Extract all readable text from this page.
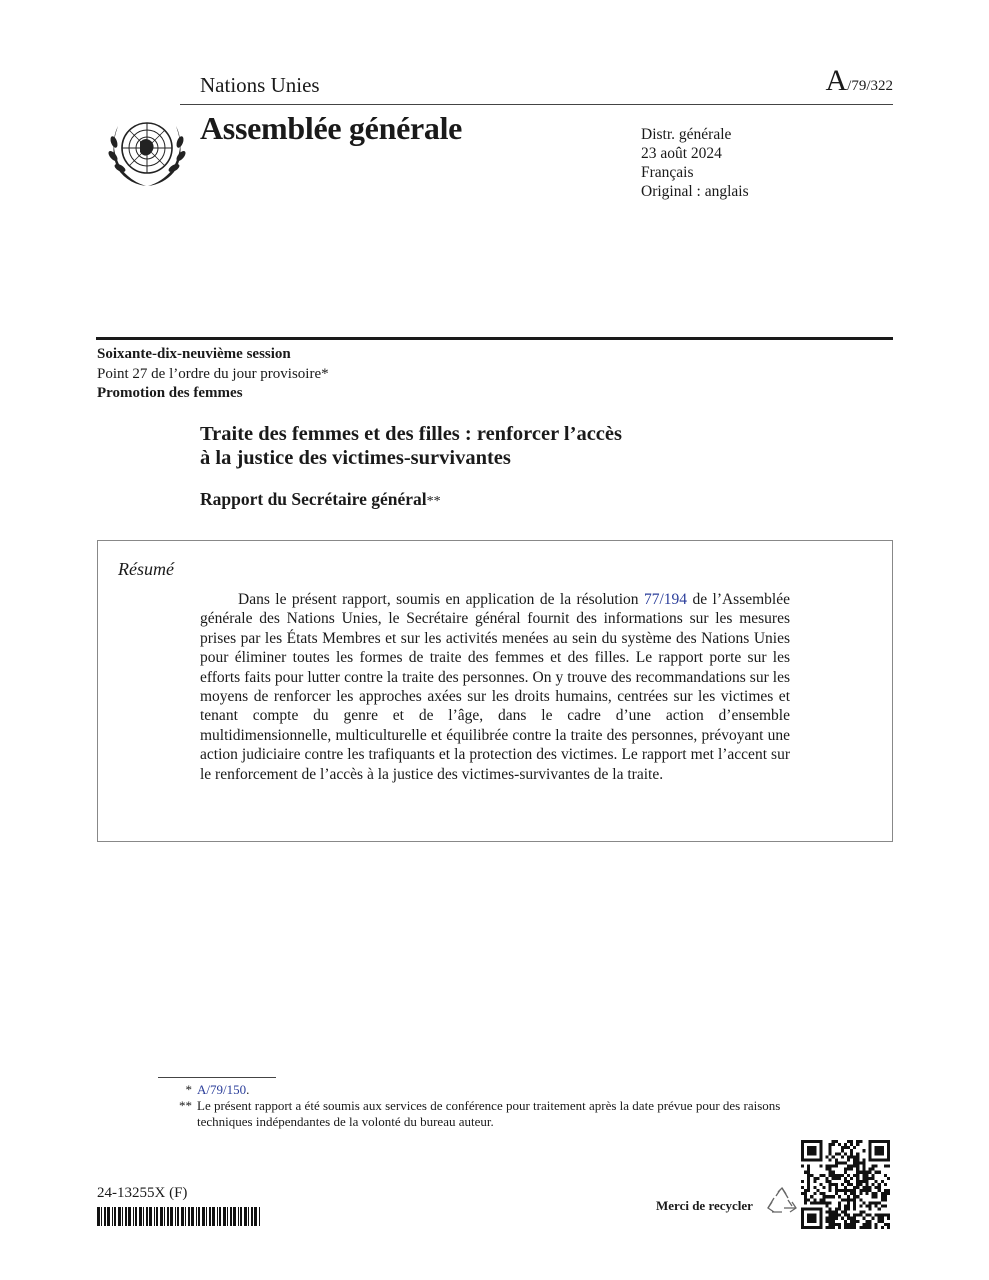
Nations Unies	A/79/322
Assemblée générale	Distr. générale
23 août 2024
Français
Original : anglais
Soixante-dix-neuvième session
Point 27 de l’ordre du jour provisoire*
Promotion des femmes
Traite des femmes et des filles : renforcer l’accès
à la justice des victimes-survivantes
Rapport du Secrétaire général**
Résumé

Dans le présent rapport, soumis en application de la résolution 77/194 de l’Assemblée générale des Nations Unies, le Secrétaire général fournit des informations sur les mesures prises par les États Membres et sur les activités menées au sein du système des Nations Unies pour éliminer toutes les formes de traite des femmes et des filles. Le rapport porte sur les efforts faits pour lutter contre la traite des personnes. On y trouve des recommandations sur les moyens de renforcer les approches axées sur les droits humains, centrées sur les victimes et tenant compte du genre et de l’âge, dans le cadre d’une action d’ensemble multidimensionnelle, multiculturelle et équilibrée contre la traite des personnes, prévoyant une action judiciaire contre les trafiquants et la protection des victimes. Le rapport met l’accent sur le renforcement de l’accès à la justice des victimes-survivantes de la traite.

* A/79/150.
** Le présent rapport a été soumis aux services de conférence pour traitement après la date prévue pour des raisons techniques indépendantes de la volonté du bureau auteur.
24-13255X (F)
Merci de recycler
